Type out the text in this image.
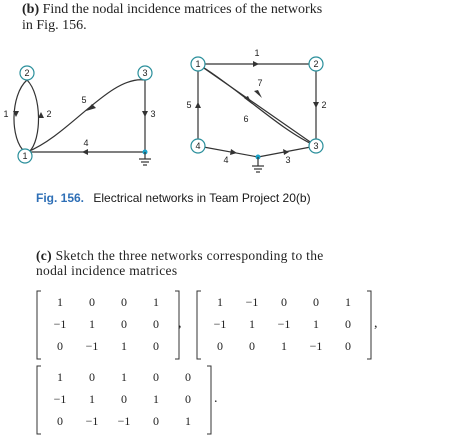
(b) Find the nodal incidence matrices of the networks
in Fig. 156.
2	3
1
1	2
5
3
4
1	2
3
4
1
7
5	2
6
4	3
Fig. 156. Electrical networks in Team Project 20(b)
(c) Sketch the three networks corresponding to the
nodal incidence matrices
1 0 0 1
−1 1 0 0
0 −1 1 0
,
1 −1 0 0 1
−1 1 −1 1 0
0 0 1 −1 0
,
1 0 1 0 0
−1 1 0 1 0
0 −1 −1 0 1
.
